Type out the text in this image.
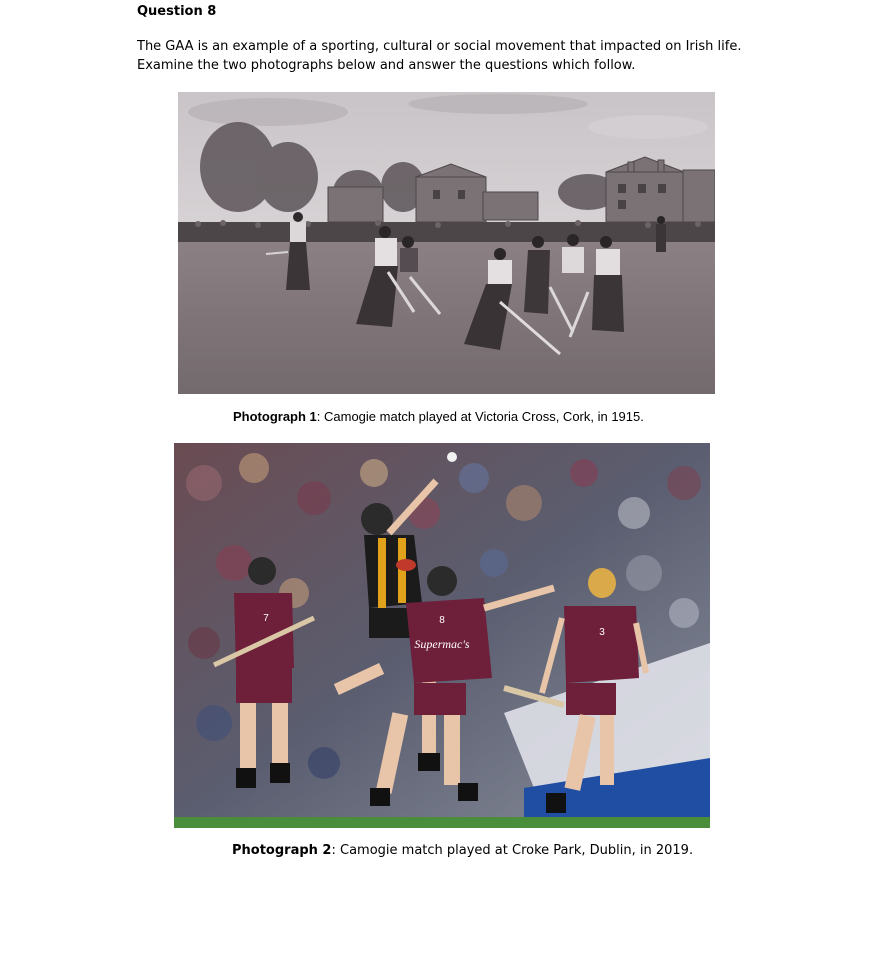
Question 8
The GAA is an example of a sporting, cultural or social movement that impacted on Irish life.
Examine the two photographs below and answer the questions which follow.
Photograph 1: Camogie match played at Victoria Cross, Cork, in 1915.
7	8
Supermac's
3
Photograph 2: Camogie match played at Croke Park, Dublin, in 2019.
